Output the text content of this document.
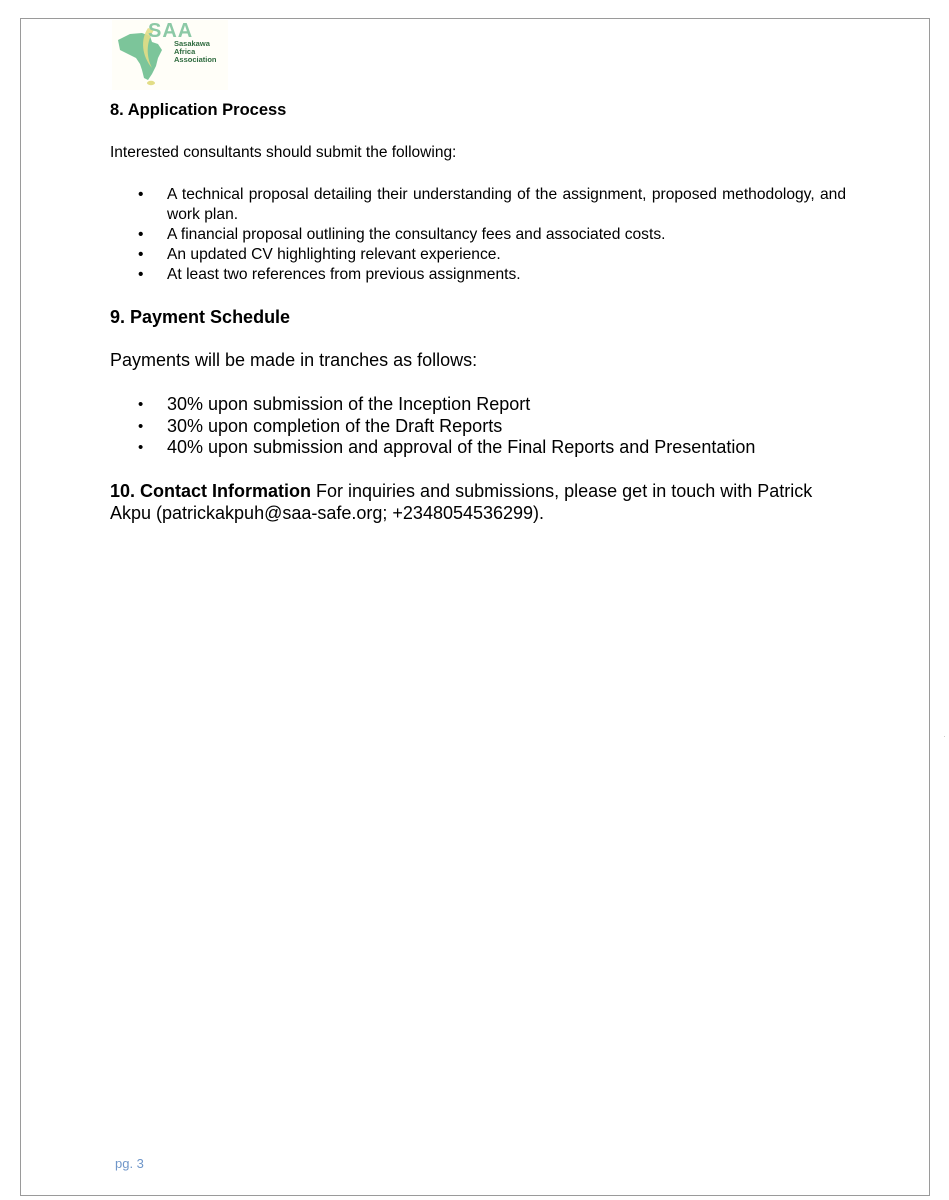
SAA
Sasakawa
Africa
Association
8. Application Process

Interested consultants should submit the following:

• A technical proposal detailing their understanding of the assignment, proposed methodology, and work plan.
• A financial proposal outlining the consultancy fees and associated costs.
• An updated CV highlighting relevant experience.
• At least two references from previous assignments.
9. Payment Schedule

Payments will be made in tranches as follows:

• 30% upon submission of the Inception Report
• 30% upon completion of the Draft Reports
• 40% upon submission and approval of the Final Reports and Presentation

10. Contact Information For inquiries and submissions, please get in touch with Patrick Akpu (patrickakpuh@saa-safe.org; +2348054536299).

pg. 3
